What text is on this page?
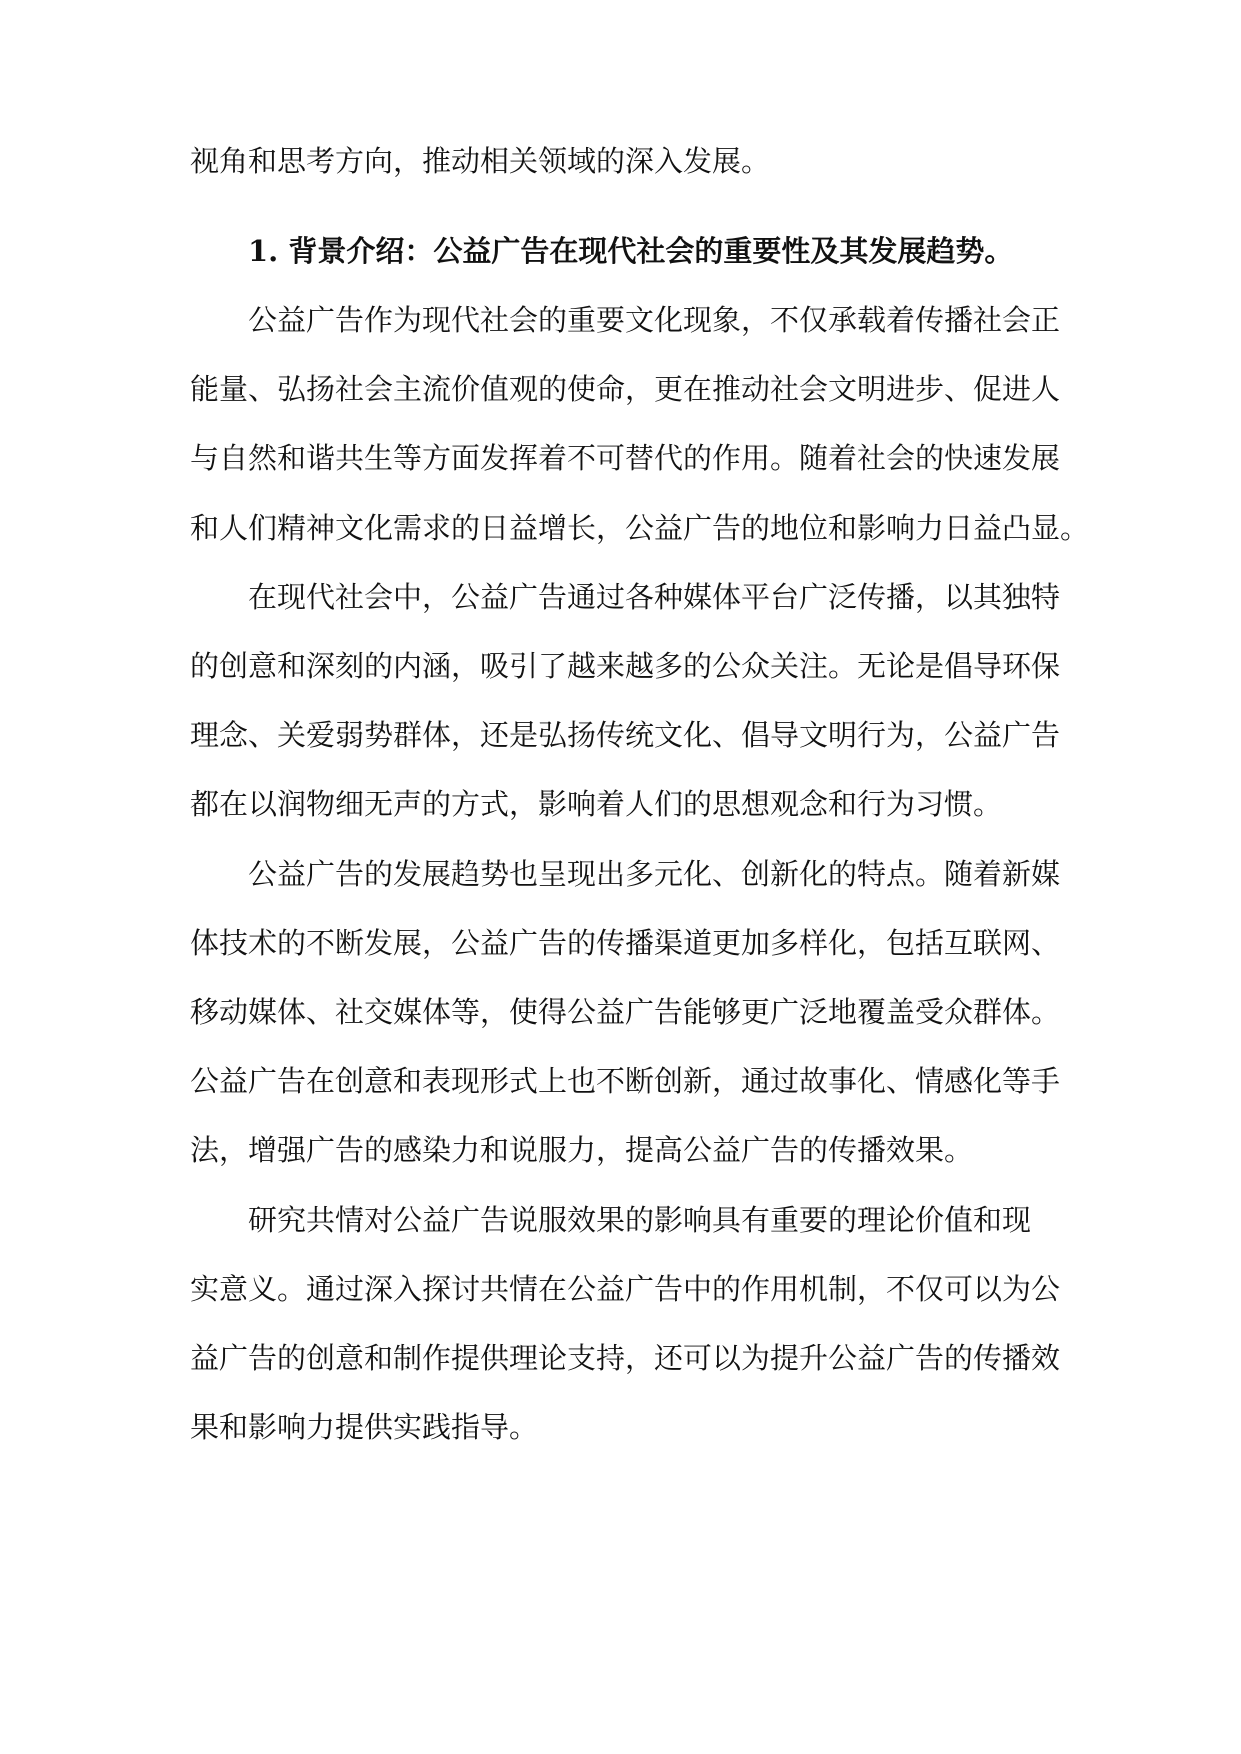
视角和思考方向，推动相关领域的深入发展。
1. 背景介绍：公益广告在现代社会的重要性及其发展趋势。
公益广告作为现代社会的重要文化现象，不仅承载着传播社会正
能量、弘扬社会主流价值观的使命，更在推动社会文明进步、促进人
与自然和谐共生等方面发挥着不可替代的作用。随着社会的快速发展
和人们精神文化需求的日益增长，公益广告的地位和影响力日益凸显。
在现代社会中，公益广告通过各种媒体平台广泛传播，以其独特
的创意和深刻的内涵，吸引了越来越多的公众关注。无论是倡导环保
理念、关爱弱势群体，还是弘扬传统文化、倡导文明行为，公益广告
都在以润物细无声的方式，影响着人们的思想观念和行为习惯。
公益广告的发展趋势也呈现出多元化、创新化的特点。随着新媒
体技术的不断发展，公益广告的传播渠道更加多样化，包括互联网、
移动媒体、社交媒体等，使得公益广告能够更广泛地覆盖受众群体。
公益广告在创意和表现形式上也不断创新，通过故事化、情感化等手
法，增强广告的感染力和说服力，提高公益广告的传播效果。
研究共情对公益广告说服效果的影响具有重要的理论价值和现
实意义。通过深入探讨共情在公益广告中的作用机制，不仅可以为公
益广告的创意和制作提供理论支持，还可以为提升公益广告的传播效
果和影响力提供实践指导。
